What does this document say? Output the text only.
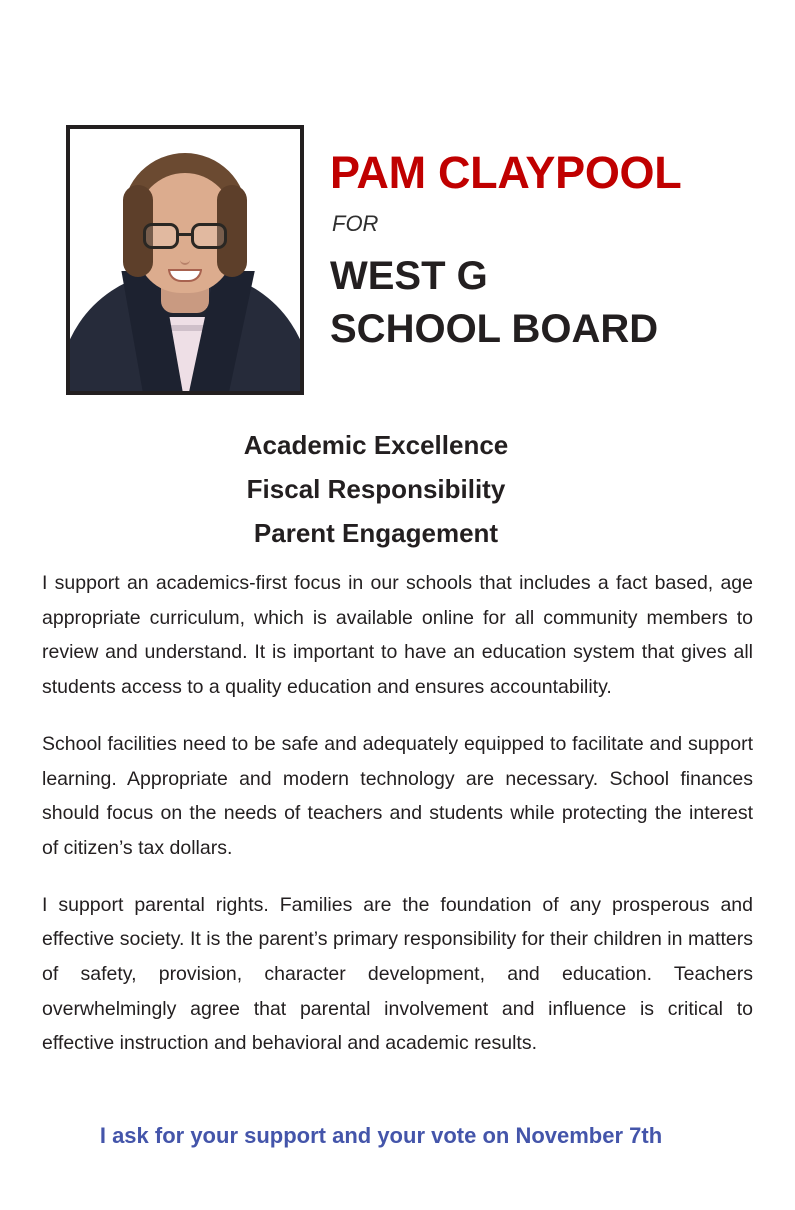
PAM CLAYPOOL
FOR
WEST G
SCHOOL BOARD
Academic Excellence
Fiscal Responsibility
Parent Engagement

I support an academics-first focus in our schools that includes a fact based, age appropriate curriculum, which is available online for all community members to review and understand. It is important to have an education system that gives all students access to a quality education and ensures accountability.

School facilities need to be safe and adequately equipped to facilitate and support learning. Appropriate and modern technology are necessary. School finances should focus on the needs of teachers and students while protecting the interest of citizen’s tax dollars.

I support parental rights. Families are the foundation of any prosperous and effective society. It is the parent’s primary responsibility for their children in matters of safety, provision, character development, and education. Teachers overwhelmingly agree that parental involvement and influence is critical to effective instruction and behavioral and academic results.

I ask for your support and your vote on November 7th
